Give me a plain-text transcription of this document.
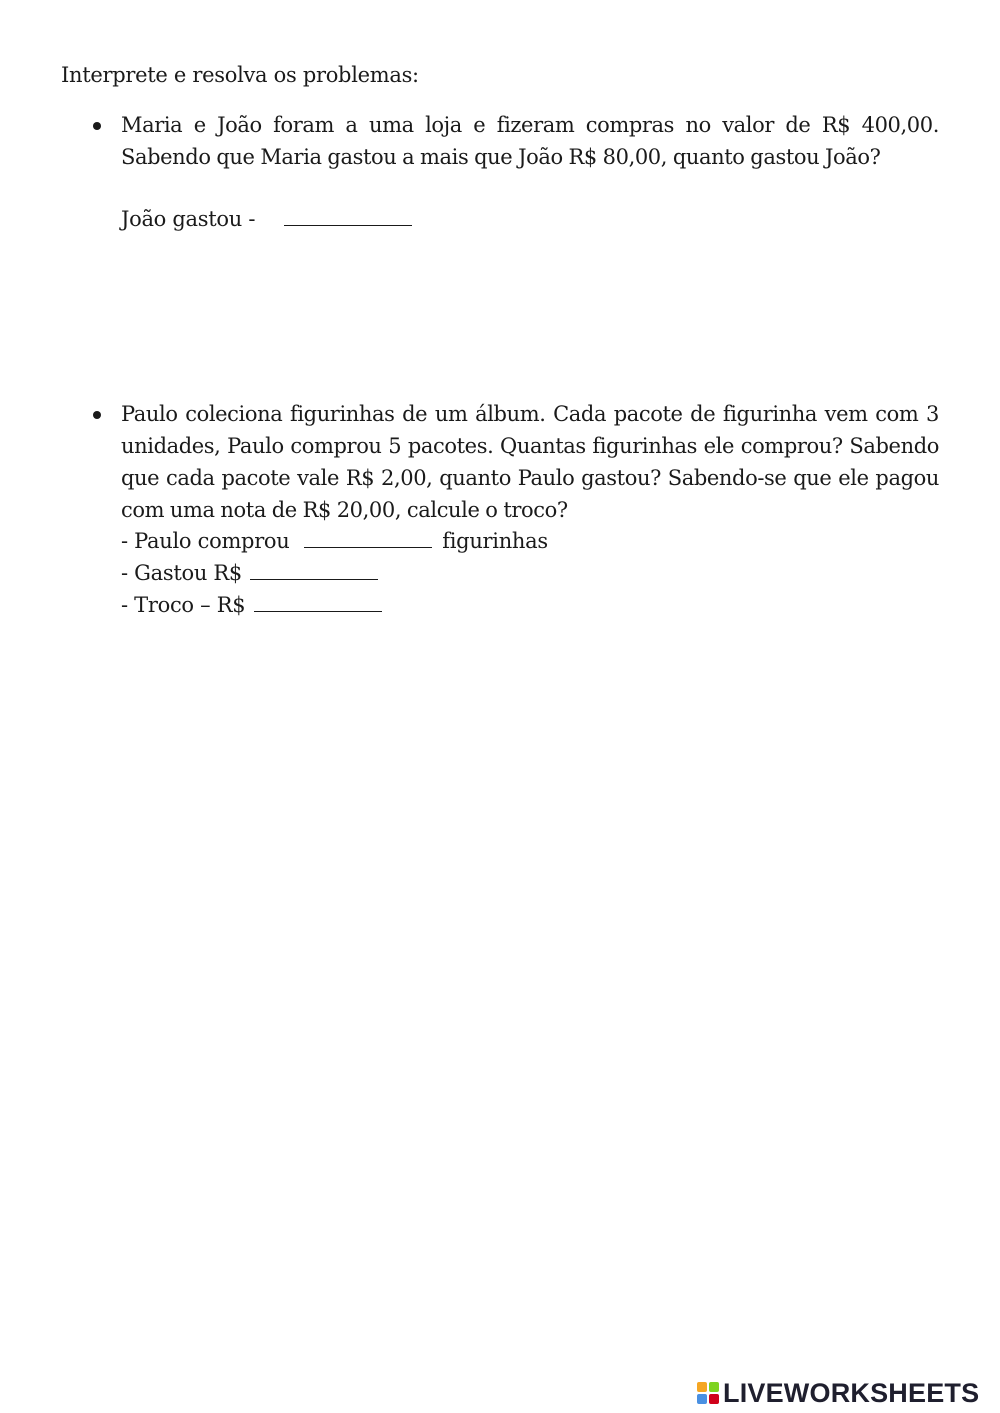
Interprete e resolva os problemas:
Maria e João foram a uma loja e fizeram compras no valor de R$ 400,00. Sabendo que Maria gastou a mais que João R$ 80,00, quanto gastou João?
João gastou -
Paulo coleciona figurinhas de um álbum. Cada pacote de figurinha vem com 3 unidades, Paulo comprou 5 pacotes. Quantas figurinhas ele comprou? Sabendo que cada pacote vale R$ 2,00, quanto Paulo gastou? Sabendo-se que ele pagou com uma nota de R$ 20,00, calcule o troco?
- Paulo comprou	figurinhas
- Gastou R$
- Troco – R$
LIVEWORKSHEETS
